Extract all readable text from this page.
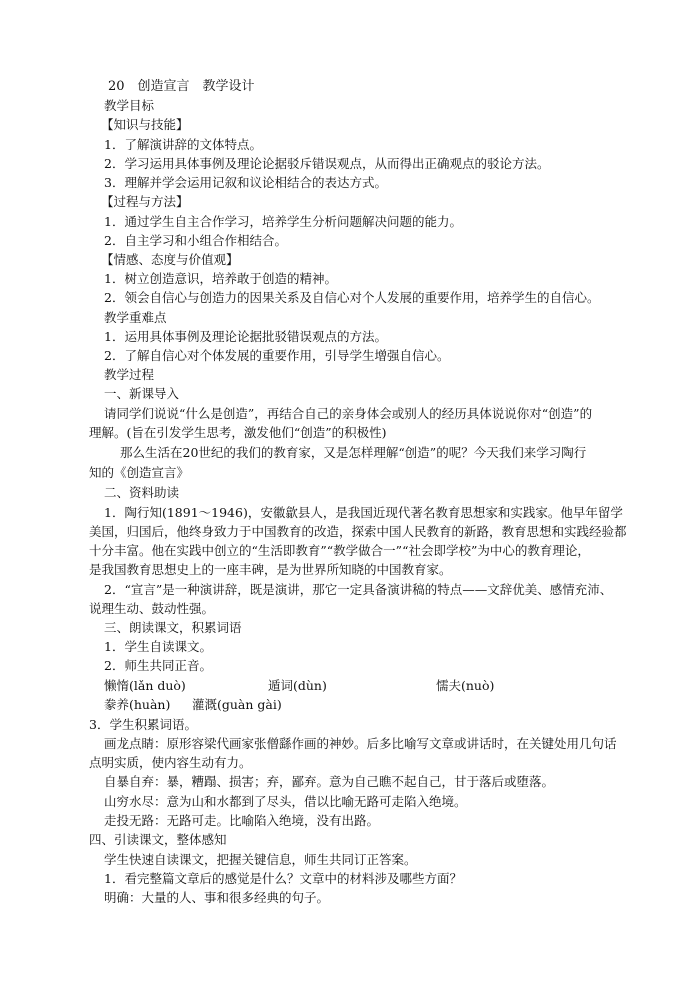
20　创造宣言　教学设计
教学目标
【知识与技能】
1．了解演讲辞的文体特点。
2．学习运用具体事例及理论论据驳斥错误观点，从而得出正确观点的驳论方法。
3．理解并学会运用记叙和议论相结合的表达方式。
【过程与方法】
1．通过学生自主合作学习，培养学生分析问题解决问题的能力。
2．自主学习和小组合作相结合。
【情感、态度与价值观】
1．树立创造意识，培养敢于创造的精神。
2．领会自信心与创造力的因果关系及自信心对个人发展的重要作用，培养学生的自信心。
教学重难点
1．运用具体事例及理论论据批驳错误观点的方法。
2．了解自信心对个体发展的重要作用，引导学生增强自信心。
教学过程
一、新课导入
请同学们说说“什么是创造”，再结合自己的亲身体会或别人的经历具体说说你对“创造”的
理解。(旨在引发学生思考，激发他们“创造”的积极性)
那么生活在20世纪的我们的教育家，又是怎样理解“创造”的呢？今天我们来学习陶行
知的《创造宣言》
二、资料助读
1．陶行知(1891～1946)，安徽歙县人，是我国近现代著名教育思想家和实践家。他早年留学
美国，归国后，他终身致力于中国教育的改造，探索中国人民教育的新路，教育思想和实践经验都
十分丰富。他在实践中创立的“生活即教育”“教学做合一”“社会即学校”为中心的教育理论，
是我国教育思想史上的一座丰碑，是为世界所知晓的中国教育家。
2．“宣言”是一种演讲辞，既是演讲，那它一定具备演讲稿的特点——文辞优美、感情充沛、
说理生动、鼓动性强。
三、朗读课文，积累词语
1．学生自读课文。
2．师生共同正音。
懒惰(lǎn duò)	遁词(dùn)	懦夫(nuò)
豢养(huàn) 灌溉(guàn gài)
3．学生积累词语。
画龙点睛：原形容梁代画家张僧繇作画的神妙。后多比喻写文章或讲话时，在关键处用几句话
点明实质，使内容生动有力。
自暴自弃：暴，糟蹋、损害；弃，鄙弃。意为自己瞧不起自己，甘于落后或堕落。
山穷水尽：意为山和水都到了尽头，借以比喻无路可走陷入绝境。
走投无路：无路可走。比喻陷入绝境，没有出路。
四、引读课文，整体感知
学生快速自读课文，把握关键信息，师生共同订正答案。
1．看完整篇文章后的感觉是什么？文章中的材料涉及哪些方面？
明确：大量的人、事和很多经典的句子。
